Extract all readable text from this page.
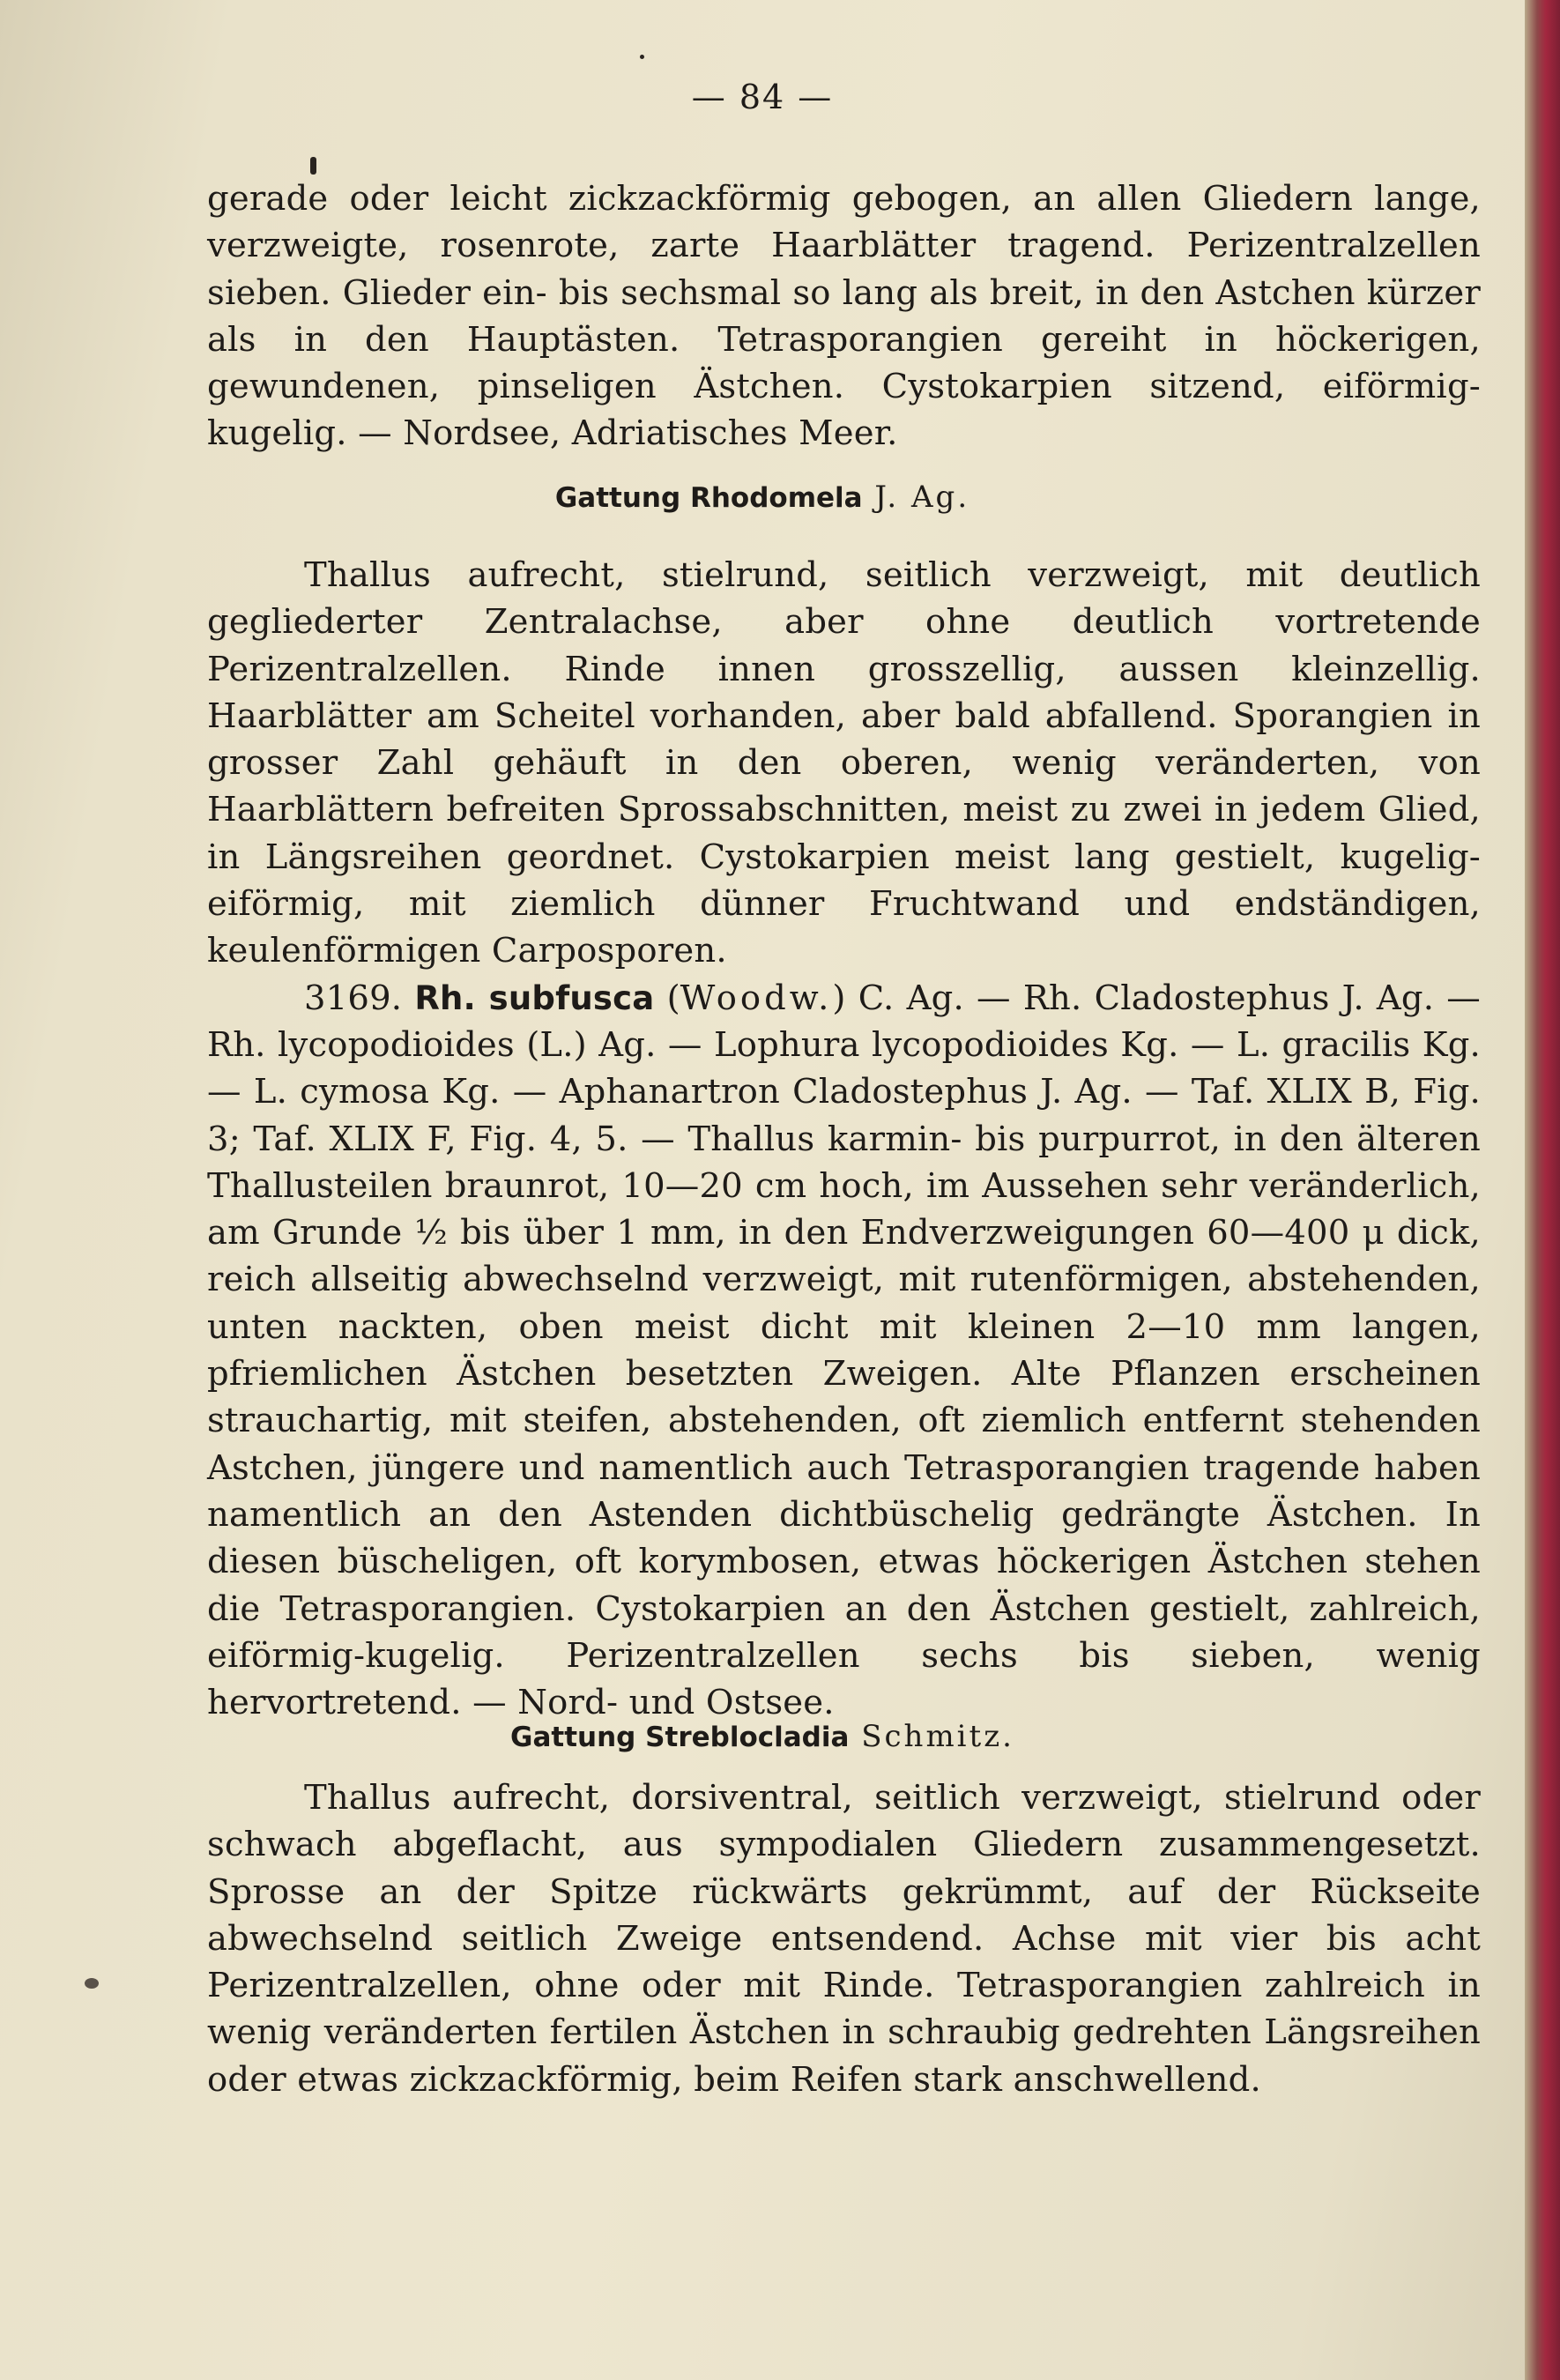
— 84 —

gerade oder leicht zickzackförmig gebogen, an allen Gliedern lange, verzweigte, rosenrote, zarte Haarblätter tragend. Perizentralzellen sieben. Glieder ein- bis sechsmal so lang als breit, in den Astchen kürzer als in den Hauptästen. Tetrasporangien gereiht in höckerigen, gewundenen, pinseligen Ästchen. Cystokarpien sitzend, eiförmig-kugelig. — Nordsee, Adriatisches Meer.

Gattung Rhodomela J. Ag.

Thallus aufrecht, stielrund, seitlich verzweigt, mit deutlich gegliederter Zentralachse, aber ohne deutlich vortretende Perizentralzellen. Rinde innen grosszellig, aussen kleinzellig. Haarblätter am Scheitel vorhanden, aber bald abfallend. Sporangien in grosser Zahl gehäuft in den oberen, wenig veränderten, von Haarblättern befreiten Sprossabschnitten, meist zu zwei in jedem Glied, in Längsreihen geordnet. Cystokarpien meist lang gestielt, kugelig-eiförmig, mit ziemlich dünner Fruchtwand und endständigen, keulenförmigen Carposporen.

3169. Rh. subfusca (Woodw.) C. Ag. — Rh. Cladostephus J. Ag. — Rh. lycopodioides (L.) Ag. — Lophura lycopodioides Kg. — L. gracilis Kg. — L. cymosa Kg. — Aphanartron Cladostephus J. Ag. — Taf. XLIX B, Fig. 3; Taf. XLIX F, Fig. 4, 5. — Thallus karmin- bis purpurrot, in den älteren Thallusteilen braunrot, 10—20 cm hoch, im Aussehen sehr veränderlich, am Grunde ½ bis über 1 mm, in den Endverzweigungen 60—400 μ dick, reich allseitig abwechselnd verzweigt, mit rutenförmigen, abstehenden, unten nackten, oben meist dicht mit kleinen 2—10 mm langen, pfriemlichen Ästchen besetzten Zweigen. Alte Pflanzen erscheinen strauchartig, mit steifen, abstehenden, oft ziemlich entfernt stehenden Astchen, jüngere und namentlich auch Tetrasporangien tragende haben namentlich an den Astenden dichtbüschelig gedrängte Ästchen. In diesen büscheligen, oft korymbosen, etwas höckerigen Ästchen stehen die Tetrasporangien. Cystokarpien an den Ästchen gestielt, zahlreich, eiförmig-kugelig. Perizentralzellen sechs bis sieben, wenig hervortretend. — Nord- und Ostsee.

Gattung Streblocladia Schmitz.

Thallus aufrecht, dorsiventral, seitlich verzweigt, stielrund oder schwach abgeflacht, aus sympodialen Gliedern zusammengesetzt. Sprosse an der Spitze rückwärts gekrümmt, auf der Rückseite abwechselnd seitlich Zweige entsendend. Achse mit vier bis acht Perizentralzellen, ohne oder mit Rinde. Tetrasporangien zahlreich in wenig veränderten fertilen Ästchen in schraubig gedrehten Längsreihen oder etwas zickzackförmig, beim Reifen stark anschwellend.
